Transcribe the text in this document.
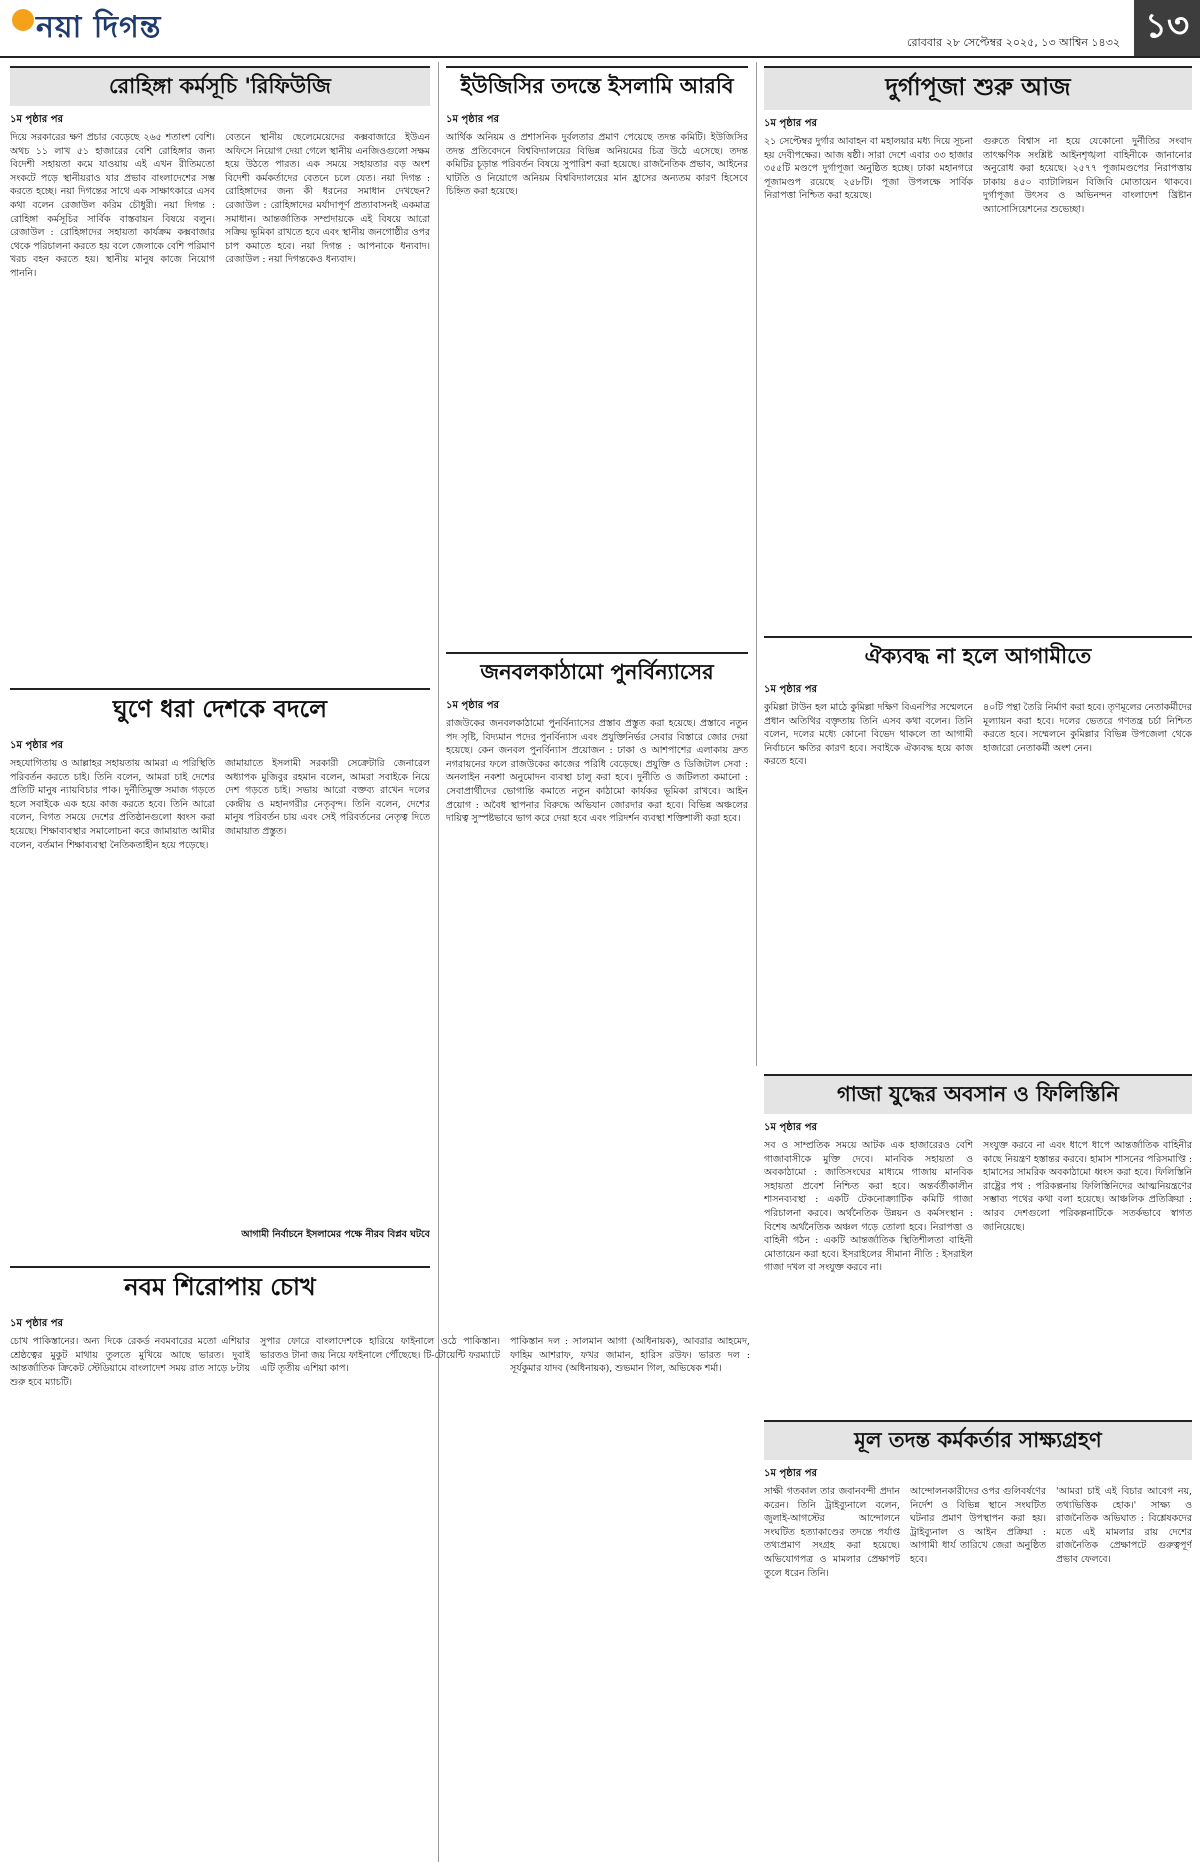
নয়া দিগন্ত	রোববার ২৮ সেপ্টেম্বর ২০২৫, ১৩ আশ্বিন ১৪৩২ ১৩
রোহিঙ্গা কর্মসূচি 'রিফিউজি
১ম পৃষ্ঠার পর
দিয়ে সরকারের ক্ষণ প্রচার বেড়েছে ২৬৫ শতাংশ বেশি। অথচ ১১ লাখ ৫১ হাজারের বেশি রোহিঙ্গার জন্য বিদেশী সহায়তা কমে যাওয়ায় এই এখন রীতিমতো সংকটে পড়ে স্থানীয়রাও যার প্রভাব বাংলাদেশের সম্ভ করতে হচ্ছে। নয়া দিগন্তের সাথে এক সাক্ষাৎকারে এসব কথা বলেন রেজাউল করিম চৌধুরী। নয়া দিগন্ত : রোহিঙ্গা কর্মসূচির সার্বিক বাস্তবায়ন বিষয়ে বলুন। রেজাউল : রোহিঙ্গাদের সহায়তা কার্যক্রম কক্সবাজার থেকে পরিচালনা করতে হয় বলে জেলাকে বেশি পরিমাণ খরচ বহন করতে হয়। স্থানীয় মানুষ কাজে নিয়োগ পাননি।
বেতনে স্থানীয় ছেলেমেয়েদের কক্সবাজারে ইউএন অফিসে নিয়োগ দেয়া গেলে স্থানীয় এনজিওগুলো সক্ষম হয়ে উঠতে পারত। এক সময়ে সহায়তার বড় অংশ বিদেশী কর্মকর্তাদের বেতনে চলে যেত। নয়া দিগন্ত : রোহিঙ্গাদের জন্য কী ধরনের সমাধান দেখছেন? রেজাউল : রোহিঙ্গাদের মর্যাদাপূর্ণ প্রত্যাবাসনই একমাত্র সমাধান। আন্তর্জাতিক সম্প্রদায়কে এই বিষয়ে আরো সক্রিয় ভূমিকা রাখতে হবে এবং স্থানীয় জনগোষ্ঠীর ওপর চাপ কমাতে হবে। নয়া দিগন্ত : আপনাকে ধন্যবাদ। রেজাউল : নয়া দিগন্তকেও ধন্যবাদ।
ঘুণে ধরা দেশকে বদলে
১ম পৃষ্ঠার পর
সহযোগিতায় ও আল্লাহর সহায়তায় আমরা এ পরিস্থিতি পরিবর্তন করতে চাই। তিনি বলেন, আমরা চাই দেশের প্রতিটি মানুষ ন্যায়বিচার পাক। দুর্নীতিমুক্ত সমাজ গড়তে হলে সবাইকে এক হয়ে কাজ করতে হবে। তিনি আরো বলেন, বিগত সময়ে দেশের প্রতিষ্ঠানগুলো ধ্বংস করা হয়েছে। শিক্ষাব্যবস্থার সমালোচনা করে জামায়াত আমীর বলেন, বর্তমান শিক্ষাব্যবস্থা নৈতিকতাহীন হয়ে পড়েছে।
জামায়াতে ইসলামী সরকারী সেক্রেটারি জেনারেল অধ্যাপক মুজিবুর রহমান বলেন, আমরা সবাইকে নিয়ে দেশ গড়তে চাই। সভায় আরো বক্তব্য রাখেন দলের কেন্দ্রীয় ও মহানগরীর নেতৃবৃন্দ। তিনি বলেন, দেশের মানুষ পরিবর্তন চায় এবং সেই পরিবর্তনের নেতৃত্ব দিতে জামায়াত প্রস্তুত।
আগামী নির্বাচনে ইসলামের পক্ষে নীরব বিপ্লব ঘটবে
নবম শিরোপায় চোখ
১ম পৃষ্ঠার পর
চোখ পাকিস্তানের। অন্য দিকে রেকর্ড নবমবারের মতো এশিয়ার শ্রেষ্ঠত্বের মুকুট মাথায় তুলতে মুখিয়ে আছে ভারত। দুবাই আন্তর্জাতিক ক্রিকেট স্টেডিয়ামে বাংলাদেশ সময় রাত সাড়ে ৮টায় শুরু হবে ম্যাচটি।
সুপার ফোরে বাংলাদেশকে হারিয়ে ফাইনালে ওঠে পাকিস্তান। ভারতও টানা জয় নিয়ে ফাইনালে পৌঁছেছে। টি-টোয়েন্টি ফরম্যাটে এটি তৃতীয় এশিয়া কাপ।
পাকিস্তান দল : সালমান আগা (অধিনায়ক), আবরার আহমেদ, ফাহিম আশরাফ, ফখর জামান, হারিস রউফ। ভারত দল : সূর্যকুমার যাদব (অধিনায়ক), শুভমান গিল, অভিষেক শর্মা।
ইউজিসির তদন্তে ইসলামি আরবি
১ম পৃষ্ঠার পর
আর্থিক অনিয়ম ও প্রশাসনিক দুর্বলতার প্রমাণ পেয়েছে তদন্ত কমিটি। ইউজিসির তদন্ত প্রতিবেদনে বিশ্ববিদ্যালয়ের বিভিন্ন অনিয়মের চিত্র উঠে এসেছে। তদন্ত কমিটির চূড়ান্ত পরিবর্তন বিষয়ে সুপারিশ করা হয়েছে। রাজনৈতিক প্রভাব, আইনের ঘাটতি ও নিয়োগে অনিয়ম বিশ্ববিদ্যালয়ের মান হ্রাসের অন্যতম কারণ হিসেবে চিহ্নিত করা হয়েছে।
জনবলকাঠামো পুনর্বিন্যাসের
১ম পৃষ্ঠার পর
রাজউকের জনবলকাঠামো পুনর্বিন্যাসের প্রস্তাব প্রস্তুত করা হয়েছে। প্রস্তাবে নতুন পদ সৃষ্টি, বিদ্যমান পদের পুনর্বিন্যাস এবং প্রযুক্তিনির্ভর সেবার বিস্তারে জোর দেয়া হয়েছে। কেন জনবল পুনর্বিন্যাস প্রয়োজন : ঢাকা ও আশপাশের এলাকায় দ্রুত নগরায়নের ফলে রাজউকের কাজের পরিধি বেড়েছে। প্রযুক্তি ও ডিজিটাল সেবা : অনলাইন নকশা অনুমোদন ব্যবস্থা চালু করা হবে। দুর্নীতি ও জটিলতা কমানো : সেবাপ্রার্থীদের ভোগান্তি কমাতে নতুন কাঠামো কার্যকর ভূমিকা রাখবে। আইন প্রয়োগ : অবৈধ স্থাপনার বিরুদ্ধে অভিযান জোরদার করা হবে। বিভিন্ন অঞ্চলের দায়িত্ব সুস্পষ্টভাবে ভাগ করে দেয়া হবে এবং পরিদর্শন ব্যবস্থা শক্তিশালী করা হবে।
দুর্গাপূজা শুরু আজ
১ম পৃষ্ঠার পর
২১ সেপ্টেম্বর দুর্গার আবাহন বা মহালয়ার মধ্য দিয়ে সূচনা হয় দেবীপক্ষের। আজ ষষ্ঠী। সারা দেশে এবার ৩৩ হাজার ৩৫৫টি মণ্ডপে দুর্গাপূজা অনুষ্ঠিত হচ্ছে। ঢাকা মহানগরে পূজামণ্ডপ রয়েছে ২৫৮টি। পূজা উপলক্ষে সার্বিক নিরাপত্তা নিশ্চিত করা হয়েছে।
গুরুতে বিশ্বাস না হয়ে যেকোনো দুর্নীতির সংবাদ তাৎক্ষণিক সংশ্লিষ্ট আইনশৃঙ্খলা বাহিনীকে জানানোর অনুরোধ করা হয়েছে। ২৫৭৭ পূজামণ্ডপের নিরাপত্তায় ঢাকায় ৪৫০ ব্যাটালিয়ন বিজিবি মোতায়েন থাকবে। দুর্গাপূজা উৎসব ও অভিনন্দন বাংলাদেশ খ্রিষ্টান অ্যাসোসিয়েশনের শুভেচ্ছা।
ঐক্যবদ্ধ না হলে আগামীতে
১ম পৃষ্ঠার পর
কুমিল্লা টাউন হল মাঠে কুমিল্লা দক্ষিণ বিএনপির সম্মেলনে প্রধান অতিথির বক্তৃতায় তিনি এসব কথা বলেন। তিনি বলেন, দলের মধ্যে কোনো বিভেদ থাকলে তা আগামী নির্বাচনে ক্ষতির কারণ হবে। সবাইকে ঐক্যবদ্ধ হয়ে কাজ করতে হবে।
৪০টি পন্থা তৈরি নির্মাণ করা হবে। তৃণমূলের নেতাকর্মীদের মূল্যায়ন করা হবে। দলের ভেতরে গণতন্ত্র চর্চা নিশ্চিত করতে হবে। সম্মেলনে কুমিল্লার বিভিন্ন উপজেলা থেকে হাজারো নেতাকর্মী অংশ নেন।
গাজা যুদ্ধের অবসান ও ফিলিস্তিনি
১ম পৃষ্ঠার পর
সব ও সাম্প্রতিক সময়ে আটক এক হাজারেরও বেশি গাজাবাসীকে মুক্তি দেবে। মানবিক সহায়তা ও অবকাঠামো : জাতিসংঘের মাধ্যমে গাজায় মানবিক সহায়তা প্রবেশ নিশ্চিত করা হবে। অন্তর্বর্তীকালীন শাসনব্যবস্থা : একটি টেকনোক্র্যাটিক কমিটি গাজা পরিচালনা করবে। অর্থনৈতিক উন্নয়ন ও কর্মসংস্থান : বিশেষ অর্থনৈতিক অঞ্চল গড়ে তোলা হবে। নিরাপত্তা ও বাহিনী গঠন : একটি আন্তর্জাতিক স্থিতিশীলতা বাহিনী মোতায়েন করা হবে। ইসরাইলের সীমানা নীতি : ইসরাইল গাজা দখল বা সংযুক্ত করবে না।
সংযুক্ত করবে না এবং ধাপে ধাপে আন্তর্জাতিক বাহিনীর কাছে নিয়ন্ত্রণ হস্তান্তর করবে। হামাস শাসনের পরিসমাপ্তি : হামাসের সামরিক অবকাঠামো ধ্বংস করা হবে। ফিলিস্তিনি রাষ্ট্রের পথ : পরিকল্পনায় ফিলিস্তিনিদের আত্মনিয়ন্ত্রণের সম্ভাব্য পথের কথা বলা হয়েছে। আঞ্চলিক প্রতিক্রিয়া : আরব দেশগুলো পরিকল্পনাটিকে সতর্কভাবে স্বাগত জানিয়েছে।
মূল তদন্ত কর্মকর্তার সাক্ষ্যগ্রহণ
১ম পৃষ্ঠার পর
সাক্ষী গতকাল তার জবানবন্দী প্রদান করেন। তিনি ট্রাইব্যুনালে বলেন, জুলাই-আগস্টের আন্দোলনে সংঘটিত হত্যাকাণ্ডের তদন্তে পর্যাপ্ত তথ্যপ্রমাণ সংগ্রহ করা হয়েছে। অভিযোগপত্র ও মামলার প্রেক্ষাপট তুলে ধরেন তিনি।
আন্দোলনকারীদের ওপর গুলিবর্ষণের নির্দেশ ও বিভিন্ন স্থানে সংঘটিত ঘটনার প্রমাণ উপস্থাপন করা হয়। ট্রাইব্যুনাল ও আইন প্রক্রিয়া : আগামী ধার্য তারিখে জেরা অনুষ্ঠিত হবে।
'আমরা চাই এই বিচার আবেগ নয়, তথ্যভিত্তিক হোক।' সাক্ষ্য ও রাজনৈতিক অভিঘাত : বিশ্লেষকদের মতে এই মামলার রায় দেশের রাজনৈতিক প্রেক্ষাপটে গুরুত্বপূর্ণ প্রভাব ফেলবে।
